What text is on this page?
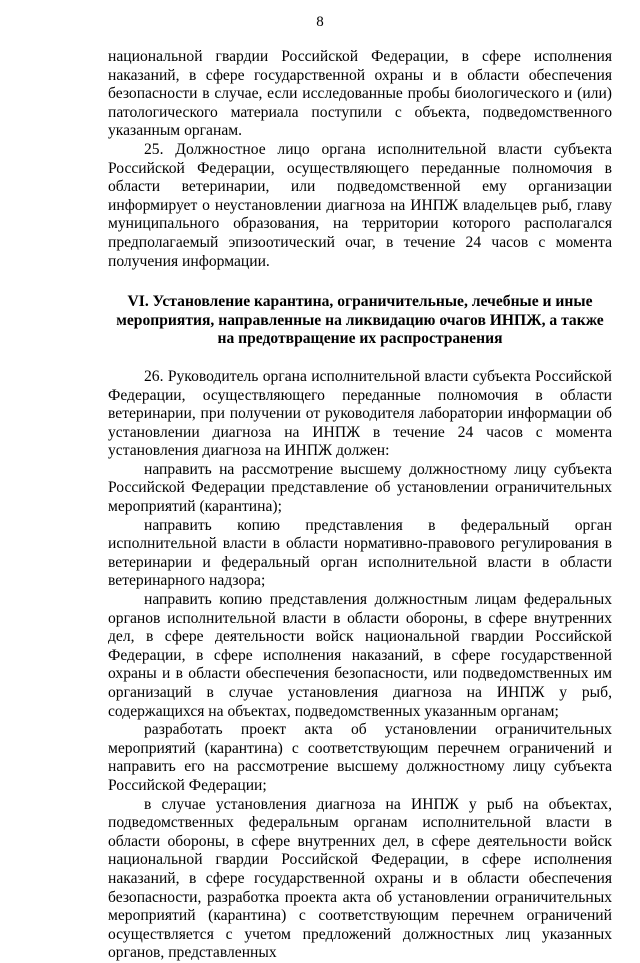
8

национальной гвардии Российской Федерации, в сфере исполнения наказаний, в сфере государственной охраны и в области обеспечения безопасности в случае, если исследованные пробы биологического и (или) патологического материала поступили с объекта, подведомственного указанным органам.

25. Должностное лицо органа исполнительной власти субъекта Российской Федерации, осуществляющего переданные полномочия в области ветеринарии, или подведомственной ему организации информирует о неустановлении диагноза на ИНПЖ владельцев рыб, главу муниципального образования, на территории которого располагался предполагаемый эпизоотический очаг, в течение 24 часов с момента получения информации.

VI. Установление карантина, ограничительные, лечебные и иные мероприятия, направленные на ликвидацию очагов ИНПЖ, а также на предотвращение их распространения

26. Руководитель органа исполнительной власти субъекта Российской Федерации, осуществляющего переданные полномочия в области ветеринарии, при получении от руководителя лаборатории информации об установлении диагноза на ИНПЖ в течение 24 часов с момента установления диагноза на ИНПЖ должен:

направить на рассмотрение высшему должностному лицу субъекта Российской Федерации представление об установлении ограничительных мероприятий (карантина);

направить копию представления в федеральный орган исполнительной власти в области нормативно-правового регулирования в ветеринарии и федеральный орган исполнительной власти в области ветеринарного надзора;

направить копию представления должностным лицам федеральных органов исполнительной власти в области обороны, в сфере внутренних дел, в сфере деятельности войск национальной гвардии Российской Федерации, в сфере исполнения наказаний, в сфере государственной охраны и в области обеспечения безопасности, или подведомственных им организаций в случае установления диагноза на ИНПЖ у рыб, содержащихся на объектах, подведомственных указанным органам;

разработать проект акта об установлении ограничительных мероприятий (карантина) с соответствующим перечнем ограничений и направить его на рассмотрение высшему должностному лицу субъекта Российской Федерации;

в случае установления диагноза на ИНПЖ у рыб на объектах, подведомственных федеральным органам исполнительной власти в области обороны, в сфере внутренних дел, в сфере деятельности войск национальной гвардии Российской Федерации, в сфере исполнения наказаний, в сфере государственной охраны и в области обеспечения безопасности, разработка проекта акта об установлении ограничительных мероприятий (карантина) с соответствующим перечнем ограничений осуществляется с учетом предложений должностных лиц указанных органов, представленных
